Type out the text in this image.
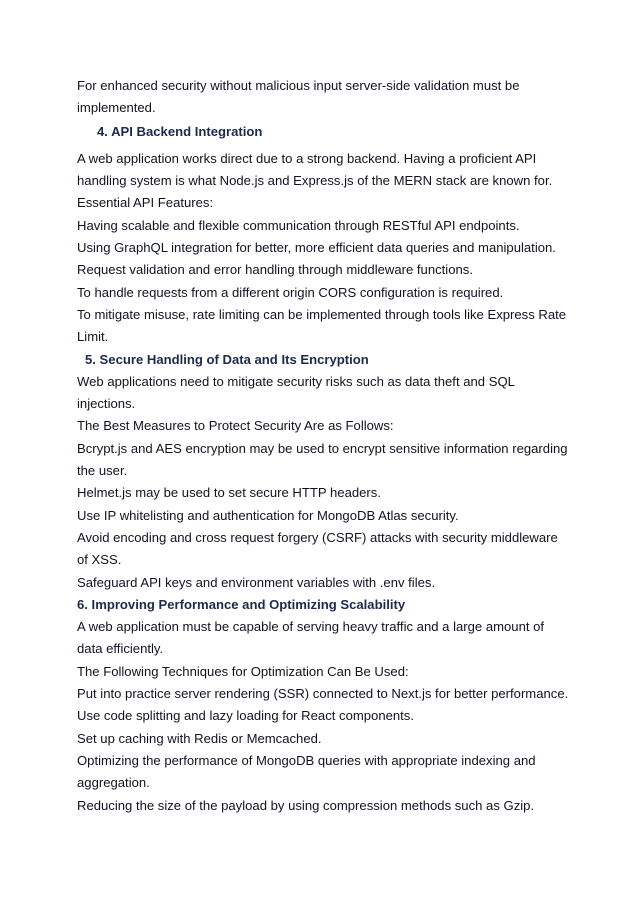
For enhanced security without malicious input server-side validation must be

implemented.

4. API Backend Integration

A web application works direct due to a strong backend. Having a proficient API

handling system is what Node.js and Express.js of the MERN stack are known for.

Essential API Features:

Having scalable and flexible communication through RESTful API endpoints.

Using GraphQL integration for better, more efficient data queries and manipulation.

Request validation and error handling through middleware functions.

To handle requests from a different origin CORS configuration is required.

To mitigate misuse, rate limiting can be implemented through tools like Express Rate

Limit.

5. Secure Handling of Data and Its Encryption

Web applications need to mitigate security risks such as data theft and SQL

injections.

The Best Measures to Protect Security Are as Follows:

Bcrypt.js and AES encryption may be used to encrypt sensitive information regarding

the user.

Helmet.js may be used to set secure HTTP headers.

Use IP whitelisting and authentication for MongoDB Atlas security.

Avoid encoding and cross request forgery (CSRF) attacks with security middleware

of XSS.

Safeguard API keys and environment variables with .env files.

6. Improving Performance and Optimizing Scalability

A web application must be capable of serving heavy traffic and a large amount of

data efficiently.

The Following Techniques for Optimization Can Be Used:

Put into practice server rendering (SSR) connected to Next.js for better performance.

Use code splitting and lazy loading for React components.

Set up caching with Redis or Memcached.

Optimizing the performance of MongoDB queries with appropriate indexing and

aggregation.

Reducing the size of the payload by using compression methods such as Gzip.
